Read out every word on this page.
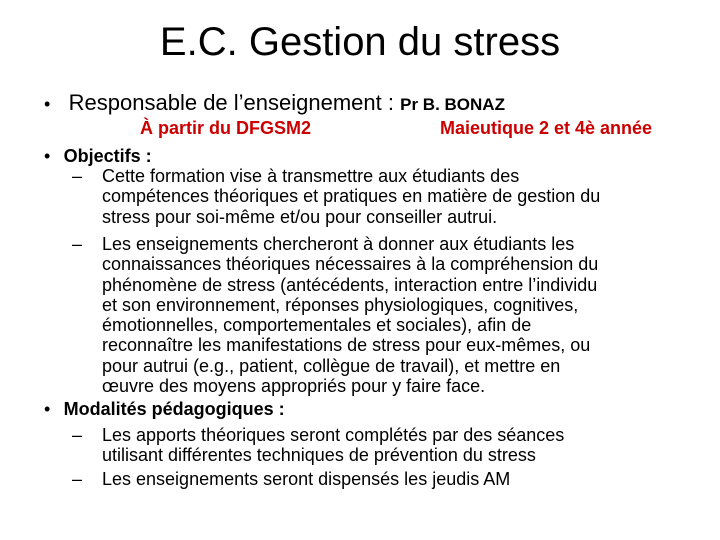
E.C. Gestion du stress
• Responsable de l’enseignement : Pr B. BONAZ
À partir du DFGSM2	Maieutique 2 et 4è année
• Objectifs :
–	Cette formation vise à transmettre aux étudiants des
compétences théoriques et pratiques en matière de gestion du
stress pour soi-même et/ou pour conseiller autrui.
–	Les enseignements chercheront à donner aux étudiants les
connaissances théoriques nécessaires à la compréhension du
phénomène de stress (antécédents, interaction entre l’individu
et son environnement, réponses physiologiques, cognitives,
émotionnelles, comportementales et sociales), afin de
reconnaître les manifestations de stress pour eux-mêmes, ou
pour autrui (e.g., patient, collègue de travail), et mettre en
œuvre des moyens appropriés pour y faire face.
• Modalités pédagogiques :
–	Les apports théoriques seront complétés par des séances
utilisant différentes techniques de prévention du stress
–	Les enseignements seront dispensés les jeudis AM
